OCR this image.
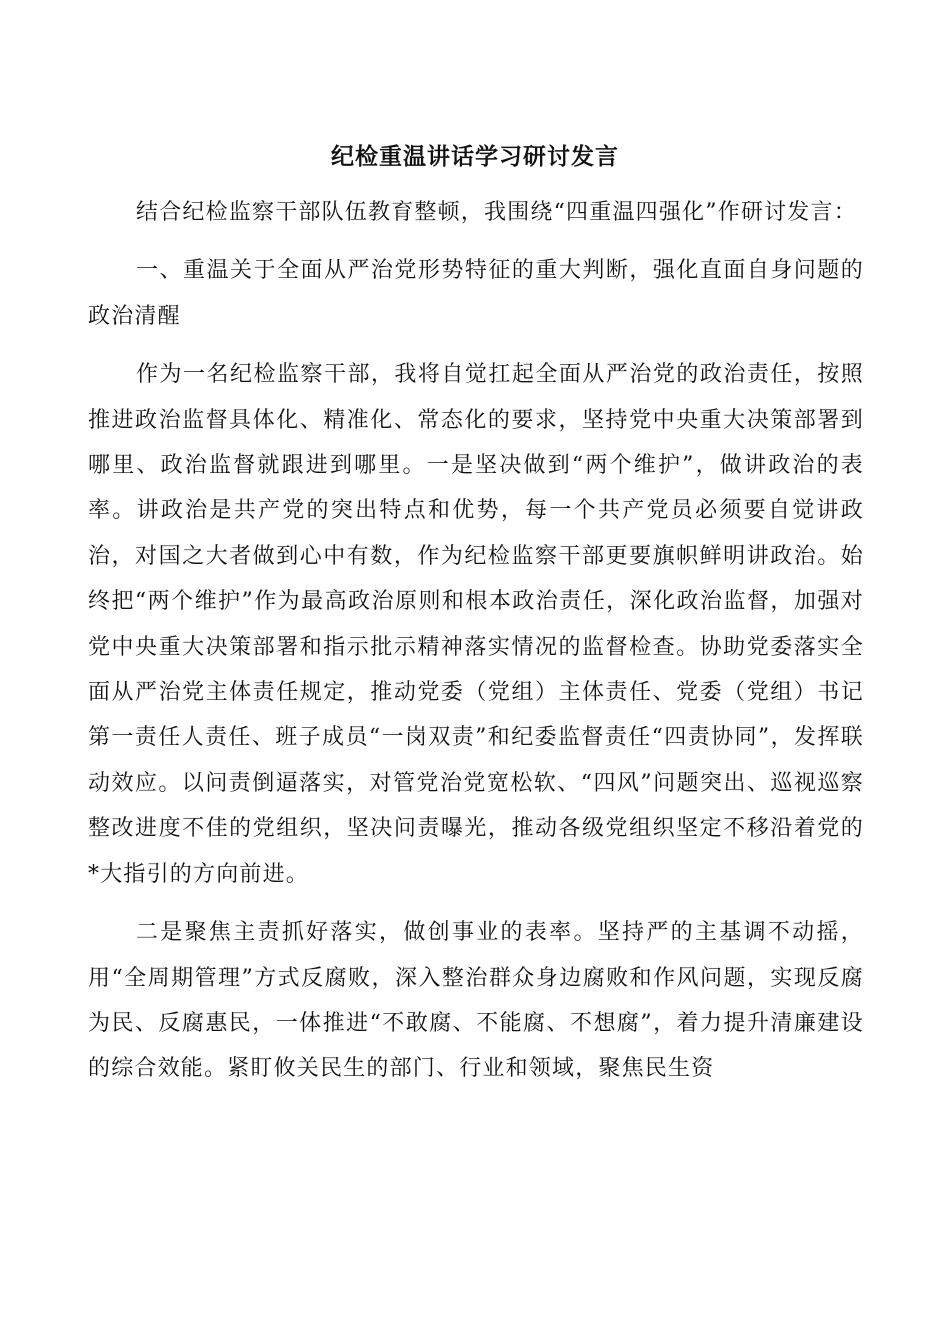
纪检重温讲话学习研讨发言

结合纪检监察干部队伍教育整顿，我围绕“四重温四强化”作研讨发言：

一、重温关于全面从严治党形势特征的重大判断，强化直面自身问题的政治清醒

作为一名纪检监察干部，我将自觉扛起全面从严治党的政治责任，按照推进政治监督具体化、精准化、常态化的要求，坚持党中央重大决策部署到哪里、政治监督就跟进到哪里。一是坚决做到“两个维护”，做讲政治的表率。讲政治是共产党的突出特点和优势，每一个共产党员必须要自觉讲政治，对国之大者做到心中有数，作为纪检监察干部更要旗帜鲜明讲政治。始终把“两个维护”作为最高政治原则和根本政治责任，深化政治监督，加强对党中央重大决策部署和指示批示精神落实情况的监督检查。协助党委落实全面从严治党主体责任规定，推动党委（党组）主体责任、党委（党组）书记第一责任人责任、班子成员“一岗双责”和纪委监督责任“四责协同”，发挥联动效应。以问责倒逼落实，对管党治党宽松软、“四风”问题突出、巡视巡察整改进度不佳的党组织，坚决问责曝光，推动各级党组织坚定不移沿着党的*大指引的方向前进。

二是聚焦主责抓好落实，做创事业的表率。坚持严的主基调不动摇，用“全周期管理”方式反腐败，深入整治群众身边腐败和作风问题，实现反腐为民、反腐惠民，一体推进“不敢腐、不能腐、不想腐”，着力提升清廉建设的综合效能。紧盯攸关民生的部门、行业和领域，聚焦民生资
